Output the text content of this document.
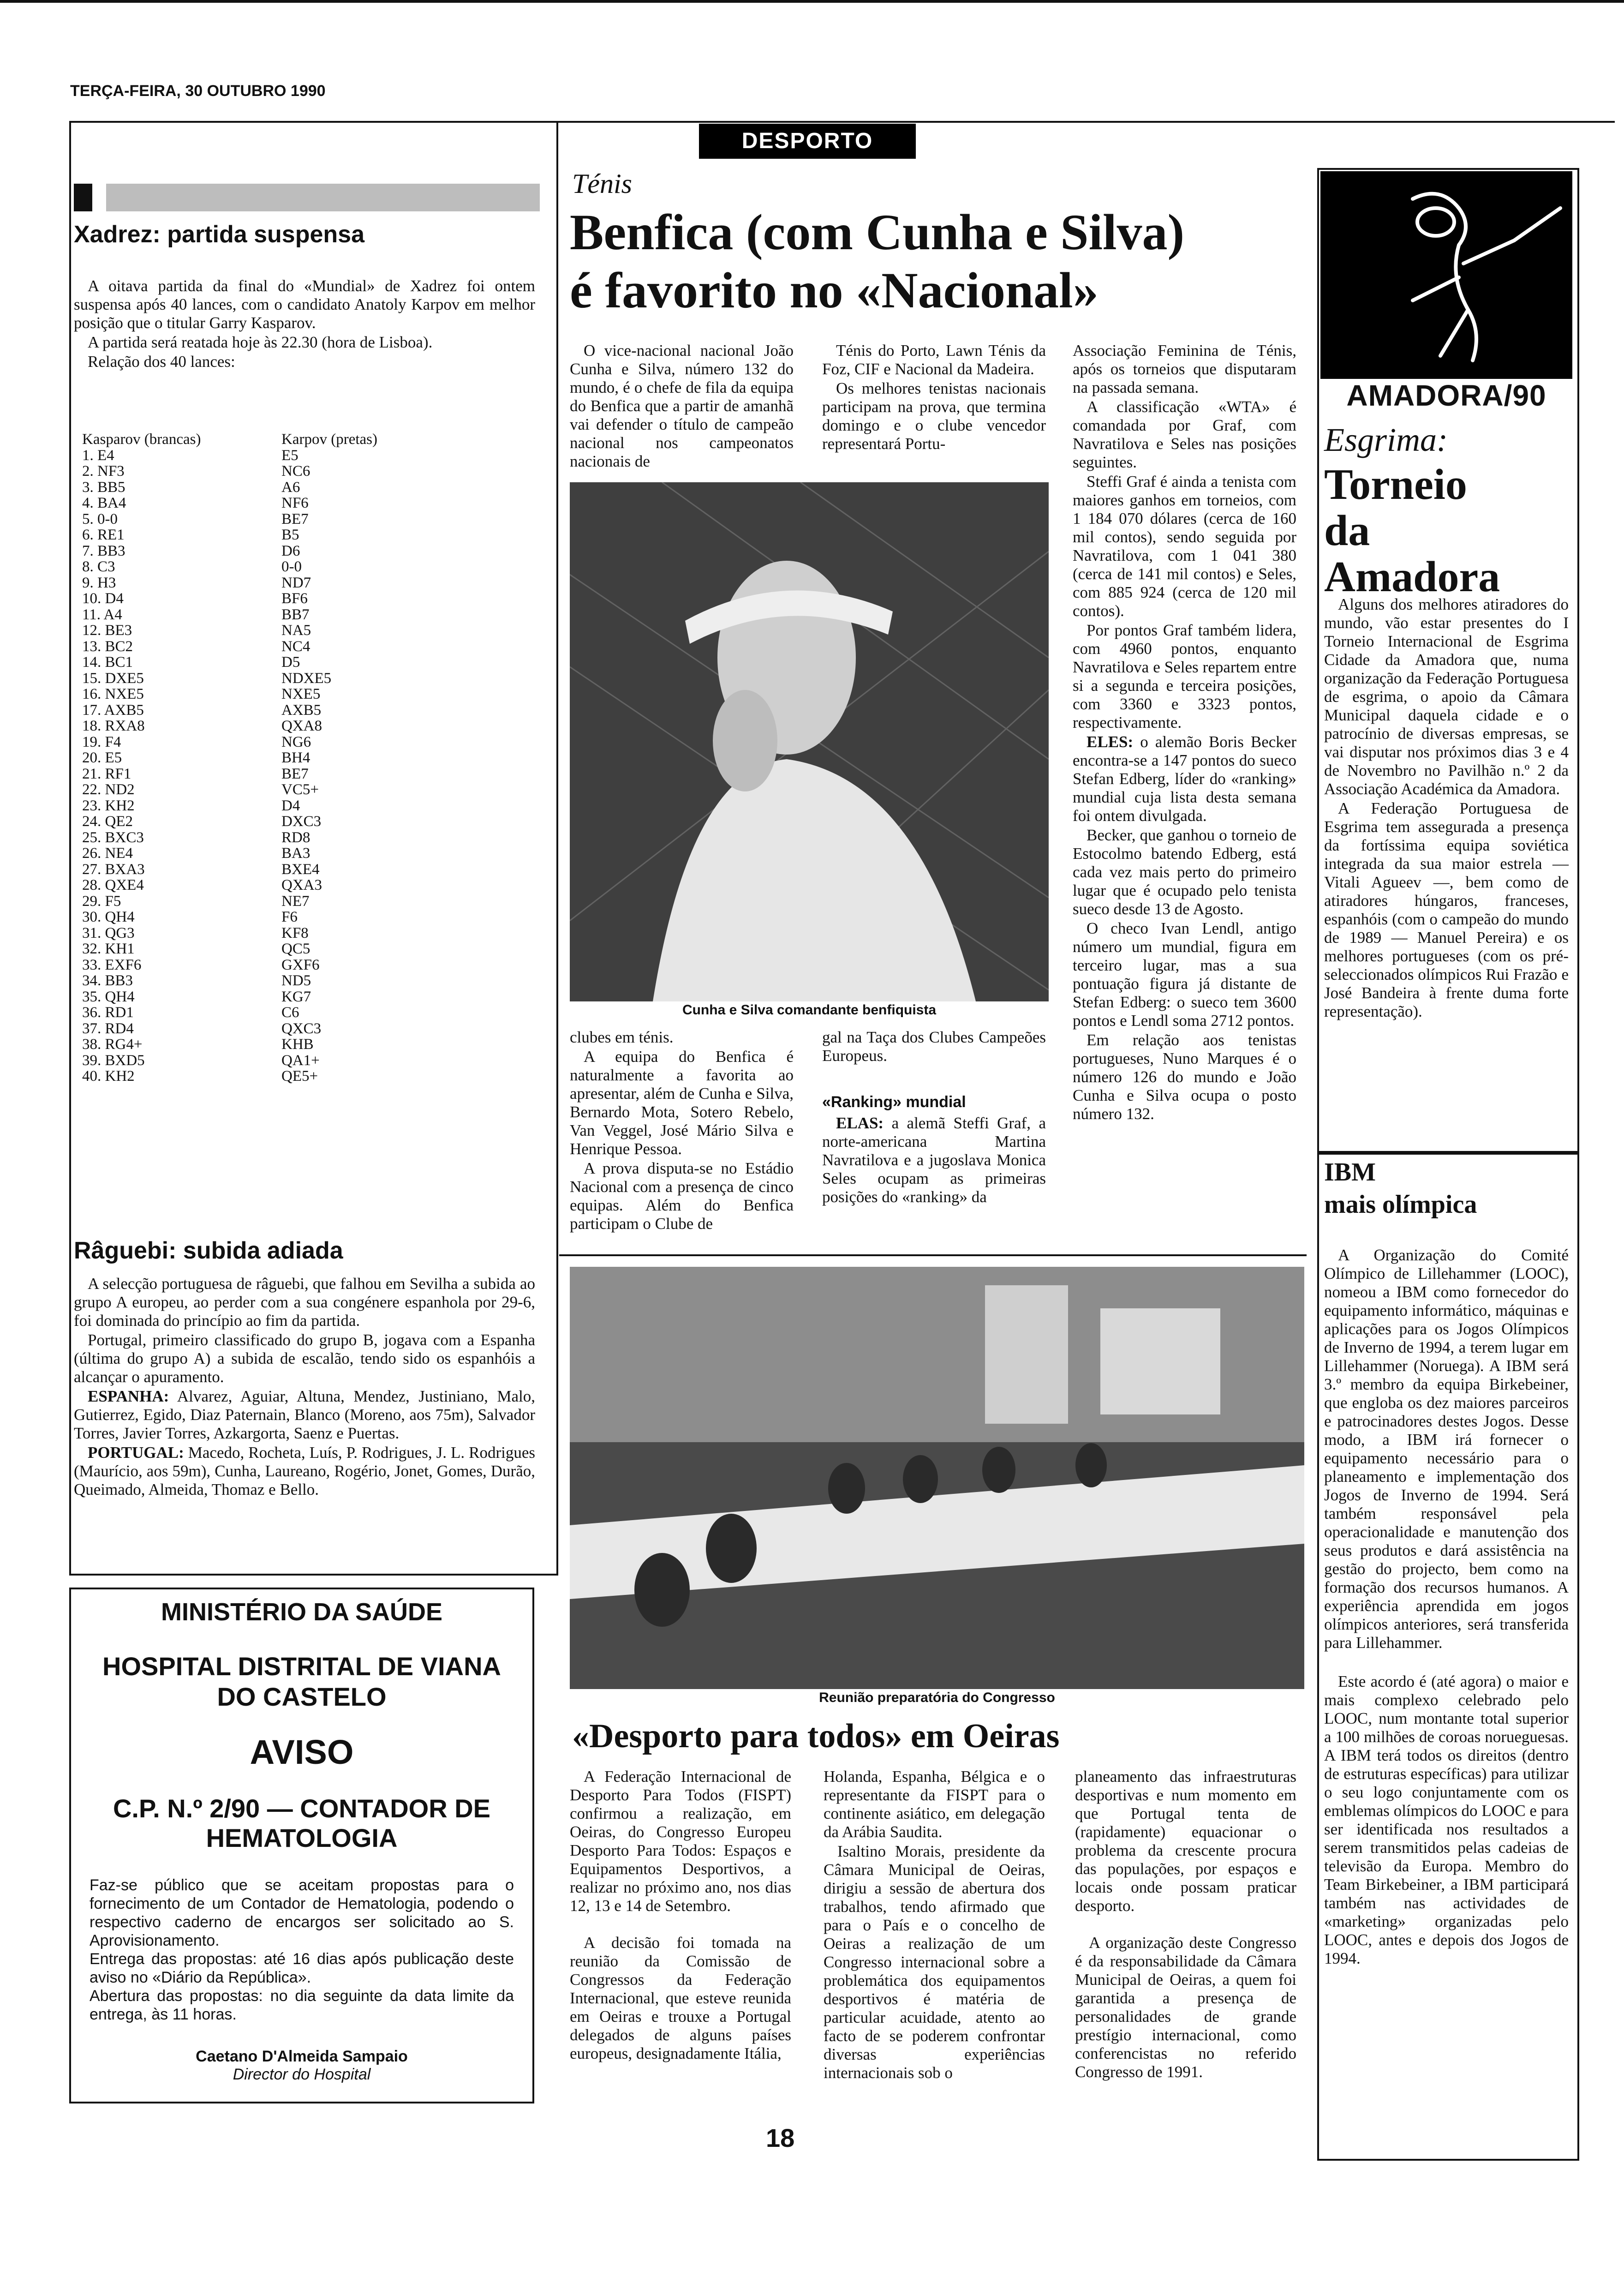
TERÇA-FEIRA, 30 OUTUBRO 1990
DESPORTO
Xadrez: partida suspensa

A oitava partida da final do «Mundial» de Xadrez foi ontem suspensa após 40 lances, com o candidato Anatoly Karpov em melhor posição que o titular Garry Kasparov.

A partida será reatada hoje às 22.30 (hora de Lisboa).

Relação dos 40 lances:

Kasparov (brancas)	Karpov (pretas)
1. E4	E5
2. NF3	NC6
3. BB5	A6
4. BA4	NF6
5. 0-0	BE7
6. RE1	B5
7. BB3	D6
8. C3	0-0
9. H3	ND7
10. D4	BF6
11. A4	BB7
12. BE3	NA5
13. BC2	NC4
14. BC1	D5
15. DXE5	NDXE5
16. NXE5	NXE5
17. AXB5	AXB5
18. RXA8	QXA8
19. F4	NG6
20. E5	BH4
21. RF1	BE7
22. ND2	VC5+
23. KH2	D4
24. QE2	DXC3
25. BXC3	RD8
26. NE4	BA3
27. BXA3	BXE4
28. QXE4	QXA3
29. F5	NE7
30. QH4	F6
31. QG3	KF8
32. KH1	QC5
33. EXF6	GXF6
34. BB3	ND5
35. QH4	KG7
36. RD1	C6
37. RD4	QXC3
38. RG4+	KHB
39. BXD5	QA1+
40. KH2	QE5+
Râguebi: subida adiada

A selecção portuguesa de râguebi, que falhou em Sevilha a subida ao grupo A europeu, ao perder com a sua congénere espanhola por 29-6, foi dominada do princípio ao fim da partida.

Portugal, primeiro classificado do grupo B, jogava com a Espanha (última do grupo A) a subida de escalão, tendo sido os espanhóis a alcançar o apuramento.

ESPANHA: Alvarez, Aguiar, Altuna, Mendez, Justiniano, Malo, Gutierrez, Egido, Diaz Paternain, Blanco (Moreno, aos 75m), Salvador Torres, Javier Torres, Azkargorta, Saenz e Puertas.

PORTUGAL: Macedo, Rocheta, Luís, P. Rodrigues, J. L. Rodrigues (Maurício, aos 59m), Cunha, Laureano, Rogério, Jonet, Gomes, Durão, Queimado, Almeida, Thomaz e Bello.

MINISTÉRIO DA SAÚDE
HOSPITAL DISTRITAL DE VIANA DO CASTELO
AVISO
C.P. N.º 2/90 — CONTADOR DE HEMATOLOGIA
Faz-se público que se aceitam propostas para o fornecimento de um Contador de Hematologia, podendo o respectivo caderno de encargos ser solicitado ao S. Aprovisionamento.
Entrega das propostas: até 16 dias após publicação deste aviso no «Diário da República».
Abertura das propostas: no dia seguinte da data limite da entrega, às 11 horas.
Caetano D'Almeida Sampaio
Director do Hospital
Ténis
Benfica (com Cunha e Silva)
é favorito no «Nacional»

O vice-nacional nacional João Cunha e Silva, número 132 do mundo, é o chefe de fila da equipa do Benfica que a partir de amanhã vai defender o título de campeão nacional nos campeonatos nacionais de

Ténis do Porto, Lawn Ténis da Foz, CIF e Nacional da Madeira.

Os melhores tenistas nacionais participam na prova, que termina domingo e o clube vencedor representará Portu-

Cunha e Silva comandante benfiquista

clubes em ténis.

A equipa do Benfica é naturalmente a favorita ao apresentar, além de Cunha e Silva, Bernardo Mota, Sotero Rebelo, Van Veggel, José Mário Silva e Henrique Pessoa.

A prova disputa-se no Estádio Nacional com a presença de cinco equipas. Além do Benfica participam o Clube de

gal na Taça dos Clubes Campeões Europeus.

«Ranking» mundial

ELAS: a alemã Steffi Graf, a norte-americana Martina Navratilova e a jugoslava Monica Seles ocupam as primeiras posições do «ranking» da

Associação Feminina de Ténis, após os torneios que disputaram na passada semana.

A classificação «WTA» é comandada por Graf, com Navratilova e Seles nas posições seguintes.

Steffi Graf é ainda a tenista com maiores ganhos em torneios, com 1 184 070 dólares (cerca de 160 mil contos), sendo seguida por Navratilova, com 1 041 380 (cerca de 141 mil contos) e Seles, com 885 924 (cerca de 120 mil contos).

Por pontos Graf também lidera, com 4960 pontos, enquanto Navratilova e Seles repartem entre si a segunda e terceira posições, com 3360 e 3323 pontos, respectivamente.

ELES: o alemão Boris Becker encontra-se a 147 pontos do sueco Stefan Edberg, líder do «ranking» mundial cuja lista desta semana foi ontem divulgada.

Becker, que ganhou o torneio de Estocolmo batendo Edberg, está cada vez mais perto do primeiro lugar que é ocupado pelo tenista sueco desde 13 de Agosto.

O checo Ivan Lendl, antigo número um mundial, figura em terceiro lugar, mas a sua pontuação figura já distante de Stefan Edberg: o sueco tem 3600 pontos e Lendl soma 2712 pontos.

Em relação aos tenistas portugueses, Nuno Marques é o número 126 do mundo e João Cunha e Silva ocupa o posto número 132.

Reunião preparatória do Congresso
«Desporto para todos» em Oeiras

A Federação Internacional de Desporto Para Todos (FISPT) confirmou a realização, em Oeiras, do Congresso Europeu Desporto Para Todos: Espaços e Equipamentos Desportivos, a realizar no próximo ano, nos dias 12, 13 e 14 de Setembro.

A decisão foi tomada na reunião da Comissão de Congressos da Federação Internacional, que esteve reunida em Oeiras e trouxe a Portugal delegados de alguns países europeus, designadamente Itália,

Holanda, Espanha, Bélgica e o representante da FISPT para o continente asiático, em delegação da Arábia Saudita.

Isaltino Morais, presidente da Câmara Municipal de Oeiras, dirigiu a sessão de abertura dos trabalhos, tendo afirmado que para o País e o concelho de Oeiras a realização de um Congresso internacional sobre a problemática dos equipamentos desportivos é matéria de particular acuidade, atento ao facto de se poderem confrontar diversas experiências internacionais sob o

planeamento das infraestruturas desportivas e num momento em que Portugal tenta de (rapidamente) equacionar o problema da crescente procura das populações, por espaços e locais onde possam praticar desporto.

A organização deste Congresso é da responsabilidade da Câmara Municipal de Oeiras, a quem foi garantida a presença de personalidades de grande prestígio internacional, como conferencistas no referido Congresso de 1991.

AMADORA/90
Esgrima:
Torneio da Amadora

Alguns dos melhores atiradores do mundo, vão estar presentes do I Torneio Internacional de Esgrima Cidade da Amadora que, numa organização da Federação Portuguesa de esgrima, o apoio da Câmara Municipal daquela cidade e o patrocínio de diversas empresas, se vai disputar nos próximos dias 3 e 4 de Novembro no Pavilhão n.º 2 da Associação Académica da Amadora.

A Federação Portuguesa de Esgrima tem assegurada a presença da fortíssima equipa soviética integrada da sua maior estrela — Vitali Agueev —, bem como de atiradores húngaros, franceses, espanhóis (com o campeão do mundo de 1989 — Manuel Pereira) e os melhores portugueses (com os pré-seleccionados olímpicos Rui Frazão e José Bandeira à frente duma forte representação).

IBM
mais olímpica

A Organização do Comité Olímpico de Lillehammer (LOOC), nomeou a IBM como fornecedor do equipamento informático, máquinas e aplicações para os Jogos Olímpicos de Inverno de 1994, a terem lugar em Lillehammer (Noruega). A IBM será 3.º membro da equipa Birkebeiner, que engloba os dez maiores parceiros e patrocinadores destes Jogos. Desse modo, a IBM irá fornecer o equipamento necessário para o planeamento e implementação dos Jogos de Inverno de 1994. Será também responsável pela operacionalidade e manutenção dos seus produtos e dará assistência na gestão do projecto, bem como na formação dos recursos humanos. A experiência aprendida em jogos olímpicos anteriores, será transferida para Lillehammer.

Este acordo é (até agora) o maior e mais complexo celebrado pelo LOOC, num montante total superior a 100 milhões de coroas norueguesas. A IBM terá todos os direitos (dentro de estruturas específicas) para utilizar o seu logo conjuntamente com os emblemas olímpicos do LOOC e para ser identificada nos resultados a serem transmitidos pelas cadeias de televisão da Europa. Membro do Team Birkebeiner, a IBM participará também nas actividades de «marketing» organizadas pelo LOOC, antes e depois dos Jogos de 1994.

18
